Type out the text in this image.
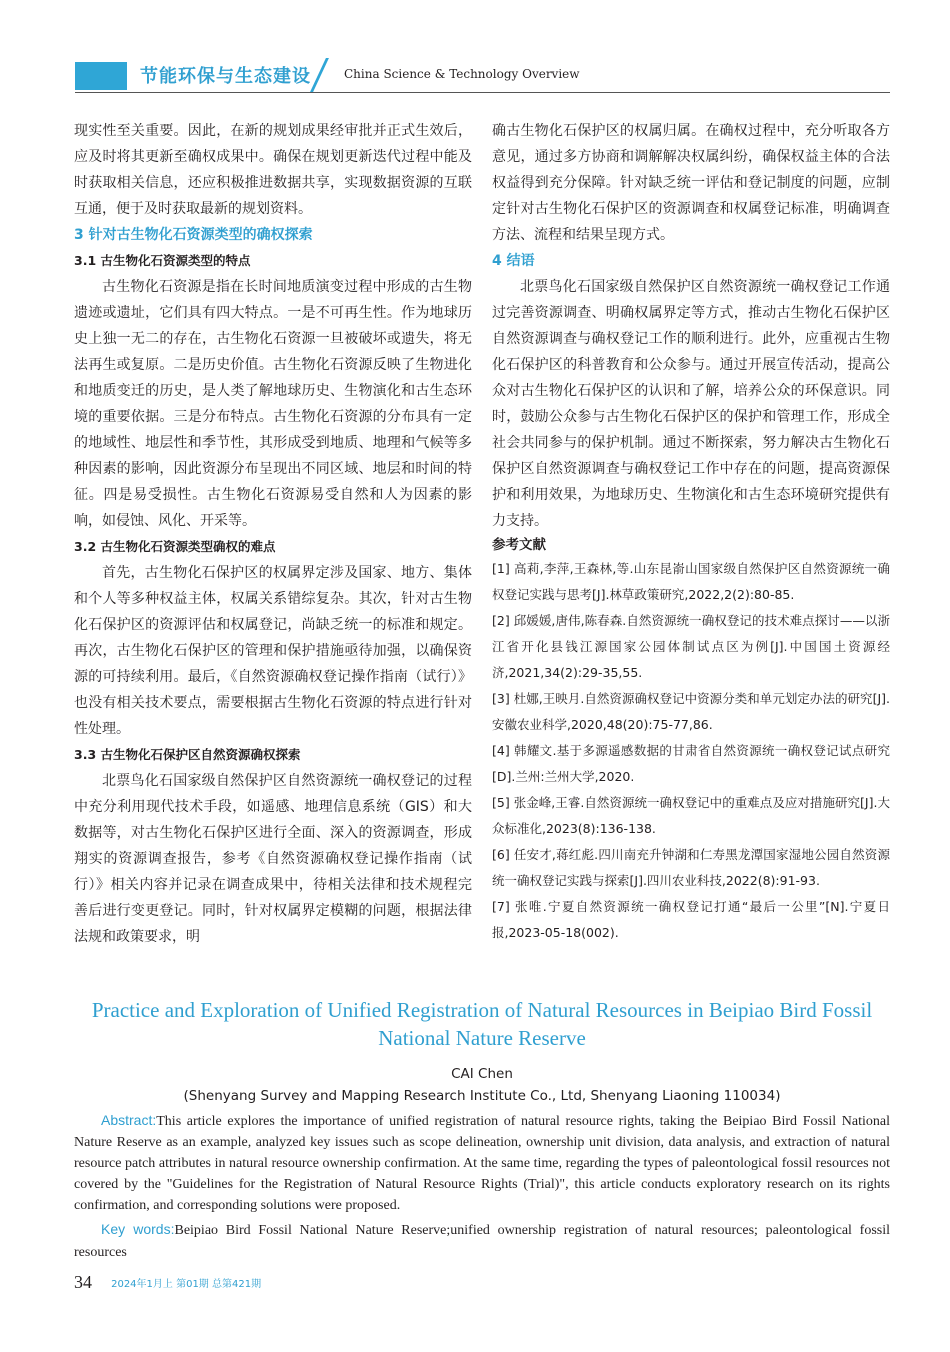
节能环保与生态建设	China Science & Technology Overview

现实性至关重要。因此，在新的规划成果经审批并正式生效后，应及时将其更新至确权成果中。确保在规划更新迭代过程中能及时获取相关信息，还应积极推进数据共享，实现数据资源的互联互通，便于及时获取最新的规划资料。

3 针对古生物化石资源类型的确权探索

3.1 古生物化石资源类型的特点

古生物化石资源是指在长时间地质演变过程中形成的古生物遗迹或遗址，它们具有四大特点。一是不可再生性。作为地球历史上独一无二的存在，古生物化石资源一旦被破坏或遗失，将无法再生或复原。二是历史价值。古生物化石资源反映了生物进化和地质变迁的历史，是人类了解地球历史、生物演化和古生态环境的重要依据。三是分布特点。古生物化石资源的分布具有一定的地域性、地层性和季节性，其形成受到地质、地理和气候等多种因素的影响，因此资源分布呈现出不同区域、地层和时间的特征。四是易受损性。古生物化石资源易受自然和人为因素的影响，如侵蚀、风化、开采等。

3.2 古生物化石资源类型确权的难点

首先，古生物化石保护区的权属界定涉及国家、地方、集体和个人等多种权益主体，权属关系错综复杂。其次，针对古生物化石保护区的资源评估和权属登记，尚缺乏统一的标准和规定。再次，古生物化石保护区的管理和保护措施亟待加强，以确保资源的可持续利用。最后，《自然资源确权登记操作指南（试行）》也没有相关技术要点，需要根据古生物化石资源的特点进行针对性处理。

3.3 古生物化石保护区自然资源确权探索

北票鸟化石国家级自然保护区自然资源统一确权登记的过程中充分利用现代技术手段，如遥感、地理信息系统（GIS）和大数据等，对古生物化石保护区进行全面、深入的资源调查，形成翔实的资源调查报告，参考《自然资源确权登记操作指南（试行）》相关内容并记录在调查成果中，待相关法律和技术规程完善后进行变更登记。同时，针对权属界定模糊的问题，根据法律法规和政策要求，明

确古生物化石保护区的权属归属。在确权过程中，充分听取各方意见，通过多方协商和调解解决权属纠纷，确保权益主体的合法权益得到充分保障。针对缺乏统一评估和登记制度的问题，应制定针对古生物化石保护区的资源调查和权属登记标准，明确调查方法、流程和结果呈现方式。

4 结语

北票鸟化石国家级自然保护区自然资源统一确权登记工作通过完善资源调查、明确权属界定等方式，推动古生物化石保护区自然资源调查与确权登记工作的顺利进行。此外，应重视古生物化石保护区的科普教育和公众参与。通过开展宣传活动，提高公众对古生物化石保护区的认识和了解，培养公众的环保意识。同时，鼓励公众参与古生物化石保护区的保护和管理工作，形成全社会共同参与的保护机制。通过不断探索，努力解决古生物化石保护区自然资源调查与确权登记工作中存在的问题，提高资源保护和利用效果，为地球历史、生物演化和古生态环境研究提供有力支持。

参考文献

[1] 高莉,李萍,王森林,等.山东昆嵛山国家级自然保护区自然资源统一确权登记实践与思考[J].林草政策研究,2022,2(2):80-85.

[2] 邱媛媛,唐伟,陈春森.自然资源统一确权登记的技术难点探讨——以浙江省开化县钱江源国家公园体制试点区为例[J].中国国土资源经济,2021,34(2):29-35,55.

[3] 杜娜,王映月.自然资源确权登记中资源分类和单元划定办法的研究[J].安徽农业科学,2020,48(20):75-77,86.

[4] 韩耀文.基于多源遥感数据的甘肃省自然资源统一确权登记试点研究[D].兰州:兰州大学,2020.

[5] 张金峰,王睿.自然资源统一确权登记中的重难点及应对措施研究[J].大众标准化,2023(8):136-138.

[6] 任安才,蒋红彪.四川南充升钟湖和仁寿黑龙潭国家湿地公园自然资源统一确权登记实践与探索[J].四川农业科技,2022(8):91-93.

[7] 张唯.宁夏自然资源统一确权登记打通“最后一公里”[N].宁夏日报,2023-05-18(002).

Practice and Exploration of Unified Registration of Natural Resources in Beipiao Bird Fossil National Nature Reserve

CAI Chen

(Shenyang Survey and Mapping Research Institute Co., Ltd, Shenyang Liaoning 110034)

Abstract:This article explores the importance of unified registration of natural resource rights, taking the Beipiao Bird Fossil National Nature Reserve as an example, analyzed key issues such as scope delineation, ownership unit division, data analysis, and extraction of natural resource patch attributes in natural resource ownership confirmation. At the same time, regarding the types of paleontological fossil resources not covered by the "Guidelines for the Registration of Natural Resource Rights (Trial)", this article conducts exploratory research on its rights confirmation, and corresponding solutions were proposed.

Key words:Beipiao Bird Fossil National Nature Reserve;unified ownership registration of natural resources; paleontological fossil resources

34 2024年1月上 第01期 总第421期
